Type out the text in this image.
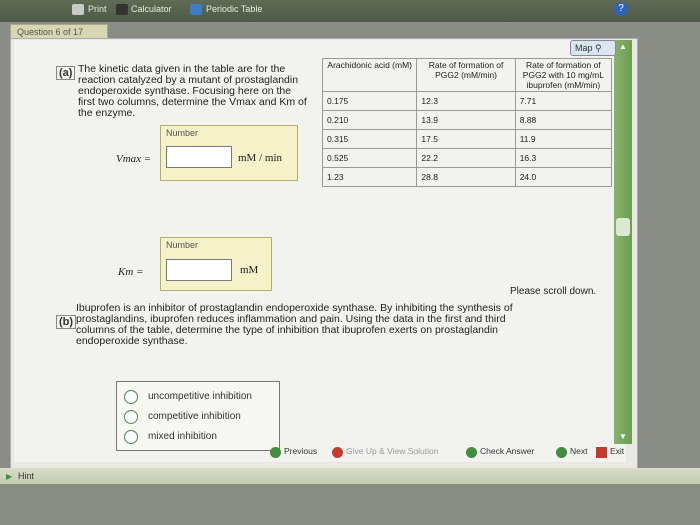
Print	Calculator	Periodic Table	?
Question 6 of 17
▲
▼
Map ⚲
(a) The kinetic data given in the table are for the
reaction catalyzed by a mutant of prostaglandin
endoperoxide synthase. Focusing here on the
first two columns, determine the Vmax and Km of
the enzyme.
Number
Vmax =	mM / min
Number
Km =	mM
Arachidonic acid (mM)	Rate of formation of PGG2 (mM/min)	Rate of formation of PGG2 with 10 mg/mL ibuprofen (mM/min)
0.175	12.3	7.71
0.210	13.9	8.88
0.315	17.5	11.9
0.525	22.2	16.3
1.23	28.8	24.0
Please scroll down.
(b)
Ibuprofen is an inhibitor of prostaglandin endoperoxide synthase. By inhibiting the synthesis of
prostaglandins, ibuprofen reduces inflammation and pain. Using the data in the first and third
columns of the table, determine the type of inhibition that ibuprofen exerts on prostaglandin
endoperoxide synthase.
uncompetitive inhibition
competitive inhibition
mixed inhibition
Previous	Give Up & View Solution	Check Answer	Next	Exit
▶ Hint
